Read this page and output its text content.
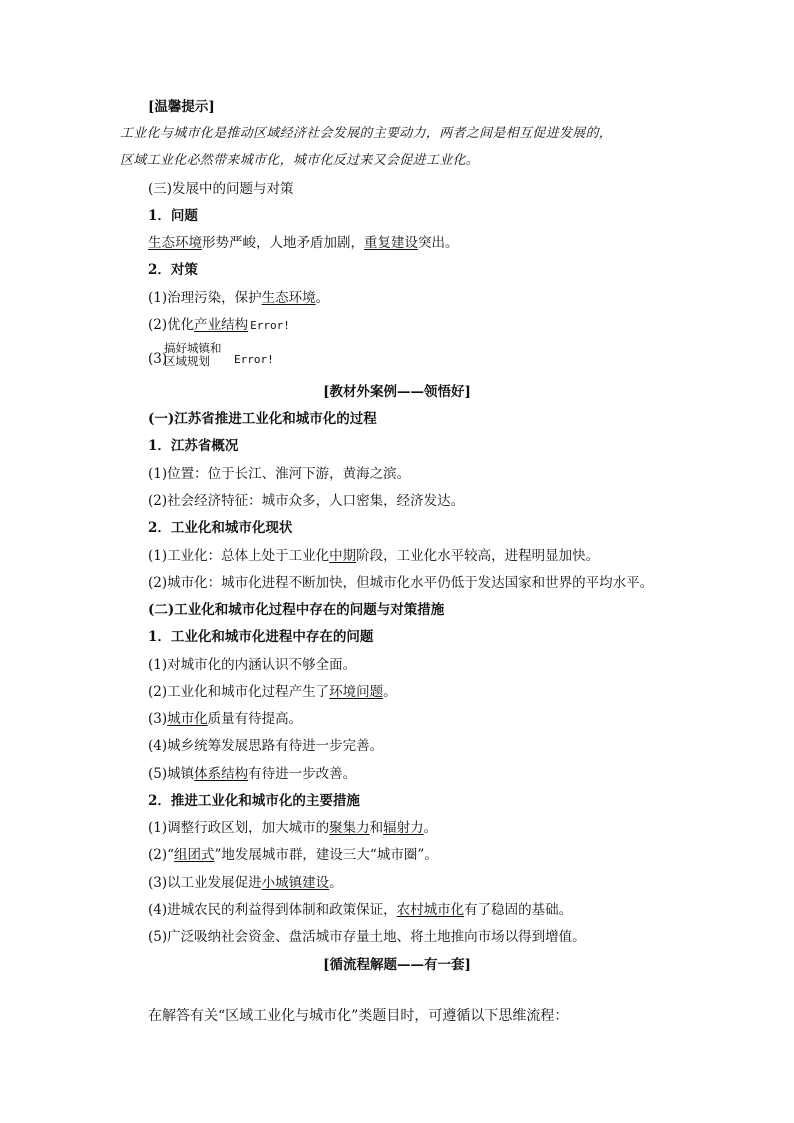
[温馨提示]
工业化与城市化是推动区域经济社会发展的主要动力，两者之间是相互促进发展的，
区域工业化必然带来城市化，城市化反过来又会促进工业化。
(三)发展中的问题与对策
1．问题
生态环境形势严峻，人地矛盾加剧，重复建设突出。
2．对策
(1)治理污染，保护生态环境。
(2)优化产业结构 Error!
(3)
搞好城镇和
区域规划	Error!
[教材外案例——领悟好]
(一)江苏省推进工业化和城市化的过程
1．江苏省概况
(1)位置：位于长江、淮河下游，黄海之滨。
(2)社会经济特征：城市众多，人口密集，经济发达。
2．工业化和城市化现状
(1)工业化：总体上处于工业化中期阶段，工业化水平较高，进程明显加快。
(2)城市化：城市化进程不断加快，但城市化水平仍低于发达国家和世界的平均水平。
(二)工业化和城市化过程中存在的问题与对策措施
1．工业化和城市化进程中存在的问题
(1)对城市化的内涵认识不够全面。
(2)工业化和城市化过程产生了环境问题。
(3)城市化质量有待提高。
(4)城乡统筹发展思路有待进一步完善。
(5)城镇体系结构有待进一步改善。
2．推进工业化和城市化的主要措施
(1)调整行政区划，加大城市的聚集力和辐射力。
(2)“组团式”地发展城市群，建设三大“城市圈”。
(3)以工业发展促进小城镇建设。
(4)进城农民的利益得到体制和政策保证，农村城市化有了稳固的基础。
(5)广泛吸纳社会资金、盘活城市存量土地、将土地推向市场以得到增值。
[循流程解题——有一套]
在解答有关“区域工业化与城市化”类题目时，可遵循以下思维流程：
